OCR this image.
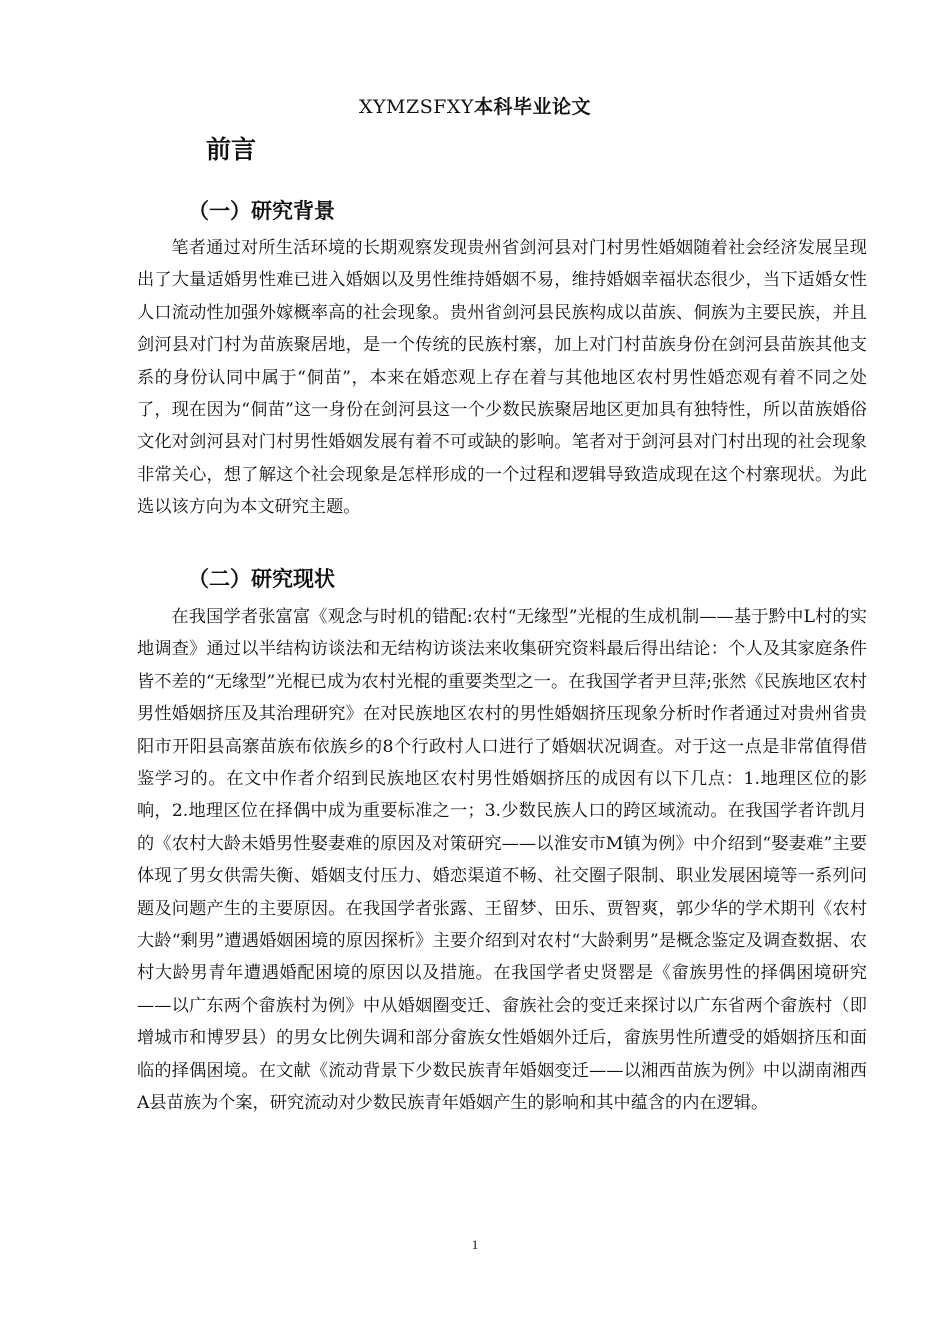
XYMZSFXY本科毕业论文
前言
（一）研究背景
笔者通过对所生活环境的长期观察发现贵州省剑河县对门村男性婚姻随着社会经济发展呈现出了大量适婚男性难已进入婚姻以及男性维持婚姻不易，维持婚姻幸福状态很少，当下适婚女性人口流动性加强外嫁概率高的社会现象。贵州省剑河县民族构成以苗族、侗族为主要民族，并且剑河县对门村为苗族聚居地，是一个传统的民族村寨，加上对门村苗族身份在剑河县苗族其他支系的身份认同中属于“侗苗”，本来在婚恋观上存在着与其他地区农村男性婚恋观有着不同之处了，现在因为“侗苗”这一身份在剑河县这一个少数民族聚居地区更加具有独特性，所以苗族婚俗文化对剑河县对门村男性婚姻发展有着不可或缺的影响。笔者对于剑河县对门村出现的社会现象非常关心，想了解这个社会现象是怎样形成的一个过程和逻辑导致造成现在这个村寨现状。为此选以该方向为本文研究主题。
（二）研究现状
在我国学者张富富《观念与时机的错配:农村“无缘型”光棍的生成机制——基于黔中L村的实地调查》通过以半结构访谈法和无结构访谈法来收集研究资料最后得出结论：个人及其家庭条件皆不差的“无缘型”光棍已成为农村光棍的重要类型之一。在我国学者尹旦萍;张然《民族地区农村男性婚姻挤压及其治理研究》在对民族地区农村的男性婚姻挤压现象分析时作者通过对贵州省贵阳市开阳县高寨苗族布依族乡的8个行政村人口进行了婚姻状况调查。对于这一点是非常值得借鉴学习的。在文中作者介绍到民族地区农村男性婚姻挤压的成因有以下几点：1.地理区位的影响，2.地理区位在择偶中成为重要标准之一；3.少数民族人口的跨区域流动。在我国学者许凯月的《农村大龄未婚男性娶妻难的原因及对策研究——以淮安市M镇为例》中介绍到“娶妻难”主要体现了男女供需失衡、婚姻支付压力、婚恋渠道不畅、社交圈子限制、职业发展困境等一系列问题及问题产生的主要原因。在我国学者张露、王留梦、田乐、贾智爽，郭少华的学术期刊《农村大龄“剩男”遭遇婚姻困境的原因探析》主要介绍到对农村“大龄剩男”是概念鉴定及调查数据、农村大龄男青年遭遇婚配困境的原因以及措施。在我国学者史贤罂是《畲族男性的择偶困境研究——以广东两个畲族村为例》中从婚姻圈变迁、畲族社会的变迁来探讨以广东省两个畲族村（即增城市和博罗县）的男女比例失调和部分畲族女性婚姻外迁后，畲族男性所遭受的婚姻挤压和面临的择偶困境。在文献《流动背景下少数民族青年婚姻变迁——以湘西苗族为例》中以湖南湘西A县苗族为个案，研究流动对少数民族青年婚姻产生的影响和其中蕴含的内在逻辑。
1
